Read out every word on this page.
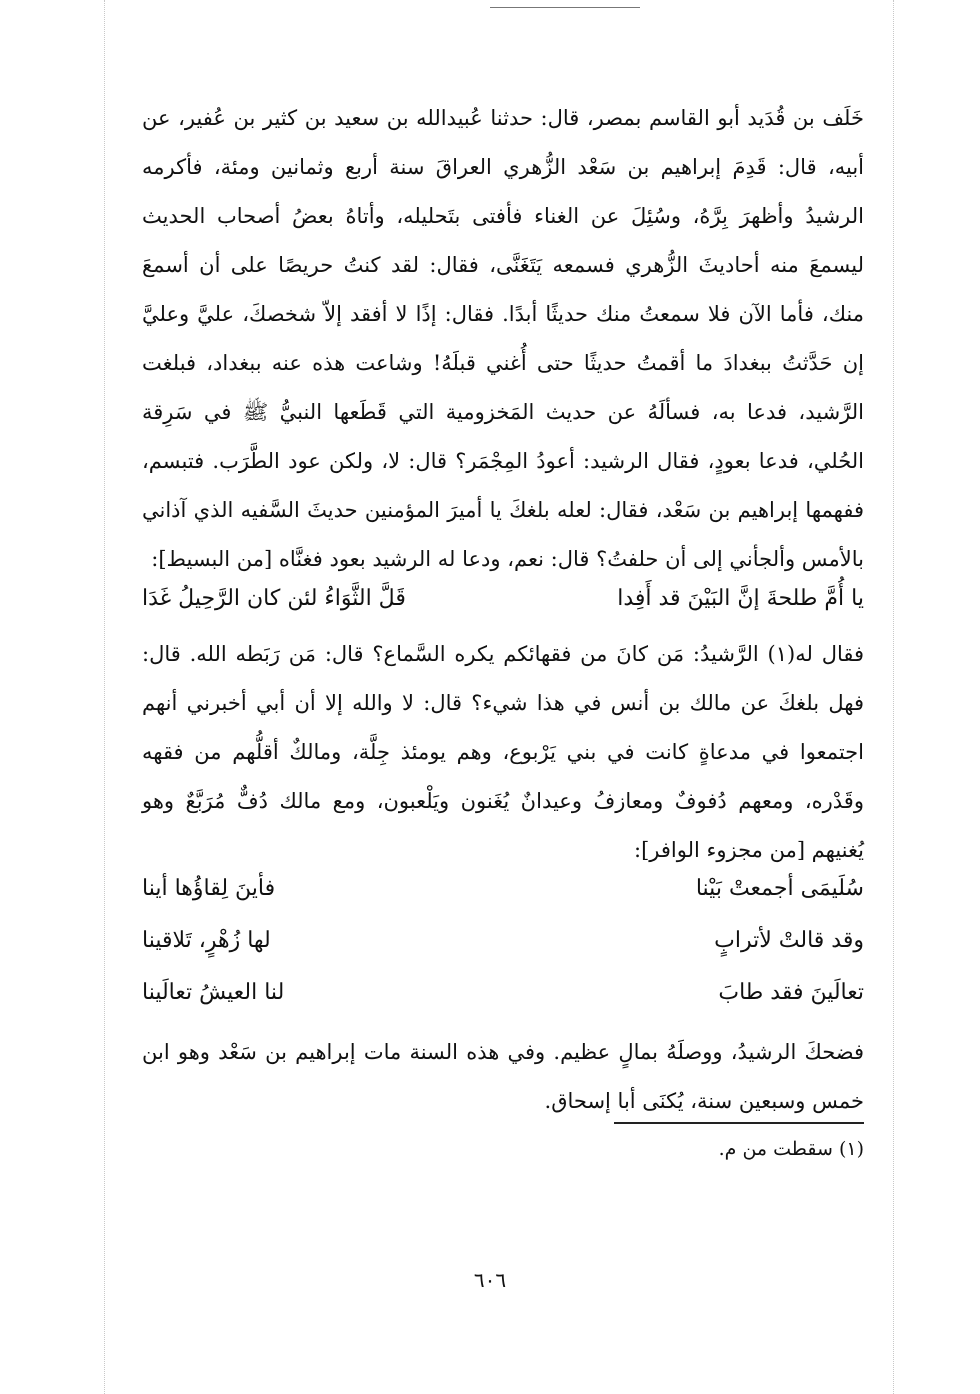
خَلَف بن قُدَيد أبو القاسم بمصر، قال: حدثنا عُبيدالله بن سعيد بن كثير بن عُفير، عن أبيه، قال: قَدِمَ إبراهيم بن سَعْد الزُّهري العراقَ سنة أربع وثمانين ومئة، فأكرمه الرشيدُ وأظهرَ بِرَّهُ، وسُئِلَ عن الغناء فأفتى بتَحليله، وأتاهُ بعضُ أصحاب الحديث ليسمعَ منه أحاديثَ الزُّهري فسمعه يَتَغَنَّى، فقال: لقد كنتُ حريصًا على أن أسمعَ منك، فأما الآن فلا سمعتُ منك حديثًا أبدًا. فقال: إذًا لا أفقد إلاّ شخصكَ، عليَّ وعليَّ إن حَدَّثتُ ببغدادَ ما أقمتُ حديثًا حتى أُغني قبلَهُ! وشاعت هذه عنه ببغداد، فبلغت الرَّشيد، فدعا به، فسألَهُ عن حديث المَخزومية التي قَطَعها النبيُّ ﷺ في سَرِقة الحُلي، فدعا بعودٍ، فقال الرشيد: أعودُ المِجْمَر؟ قال: لا، ولكن عود الطَّرَب. فتبسم، ففهمها إبراهيم بن سَعْد، فقال: لعله بلغكَ يا أميرَ المؤمنين حديثَ السَّفيه الذي آذاني بالأمس وألجأني إلى أن حلفتُ؟ قال: نعم، ودعا له الرشيد بعود فغنَّاه [من البسيط]:

يا أُمَّ طلحةَ إنَّ البَيْنَ قد أَفِدا
قَلَّ الثَّوَاءُ لئن كان الرَّحِيلُ غَدَا

فقال له(١) الرَّشيدُ: مَن كانَ من فقهائكم يكره السَّماع؟ قال: مَن رَبَطه الله. قال: فهل بلغكَ عن مالك بن أنس في هذا شيء؟ قال: لا والله إلا أن أبي أخبرني أنهم اجتمعوا في مدعاةٍ كانت في بني يَرْبوع، وهم يومئذ جِلَّة، ومالكٌ أقلُّهم من فقهه وقَدْره، ومعهم دُفوفٌ ومعازفُ وعيدانٌ يُغَنون ويَلْعبون، ومع مالك دُفٌّ مُرَبَّعٌ وهو يُغنيهم [من مجزوء الوافر]:

سُلَيمَى أجمعتْ بَيْنا
فأينَ لِقاؤُها أينا
وقد قالتْ لأترابٍ
لها زُهْرٍ، تَلاقينا
تعالَينَ فقد طابَ
لنا العيشُ تعالَينا

فضحكَ الرشيدُ، ووصلَهُ بمالٍ عظيم. وفي هذه السنة مات إبراهيم بن سَعْد وهو ابن خمس وسبعين سنة، يُكنَى أبا إسحاق.

(١) سقطت من م.
٦٠٦
